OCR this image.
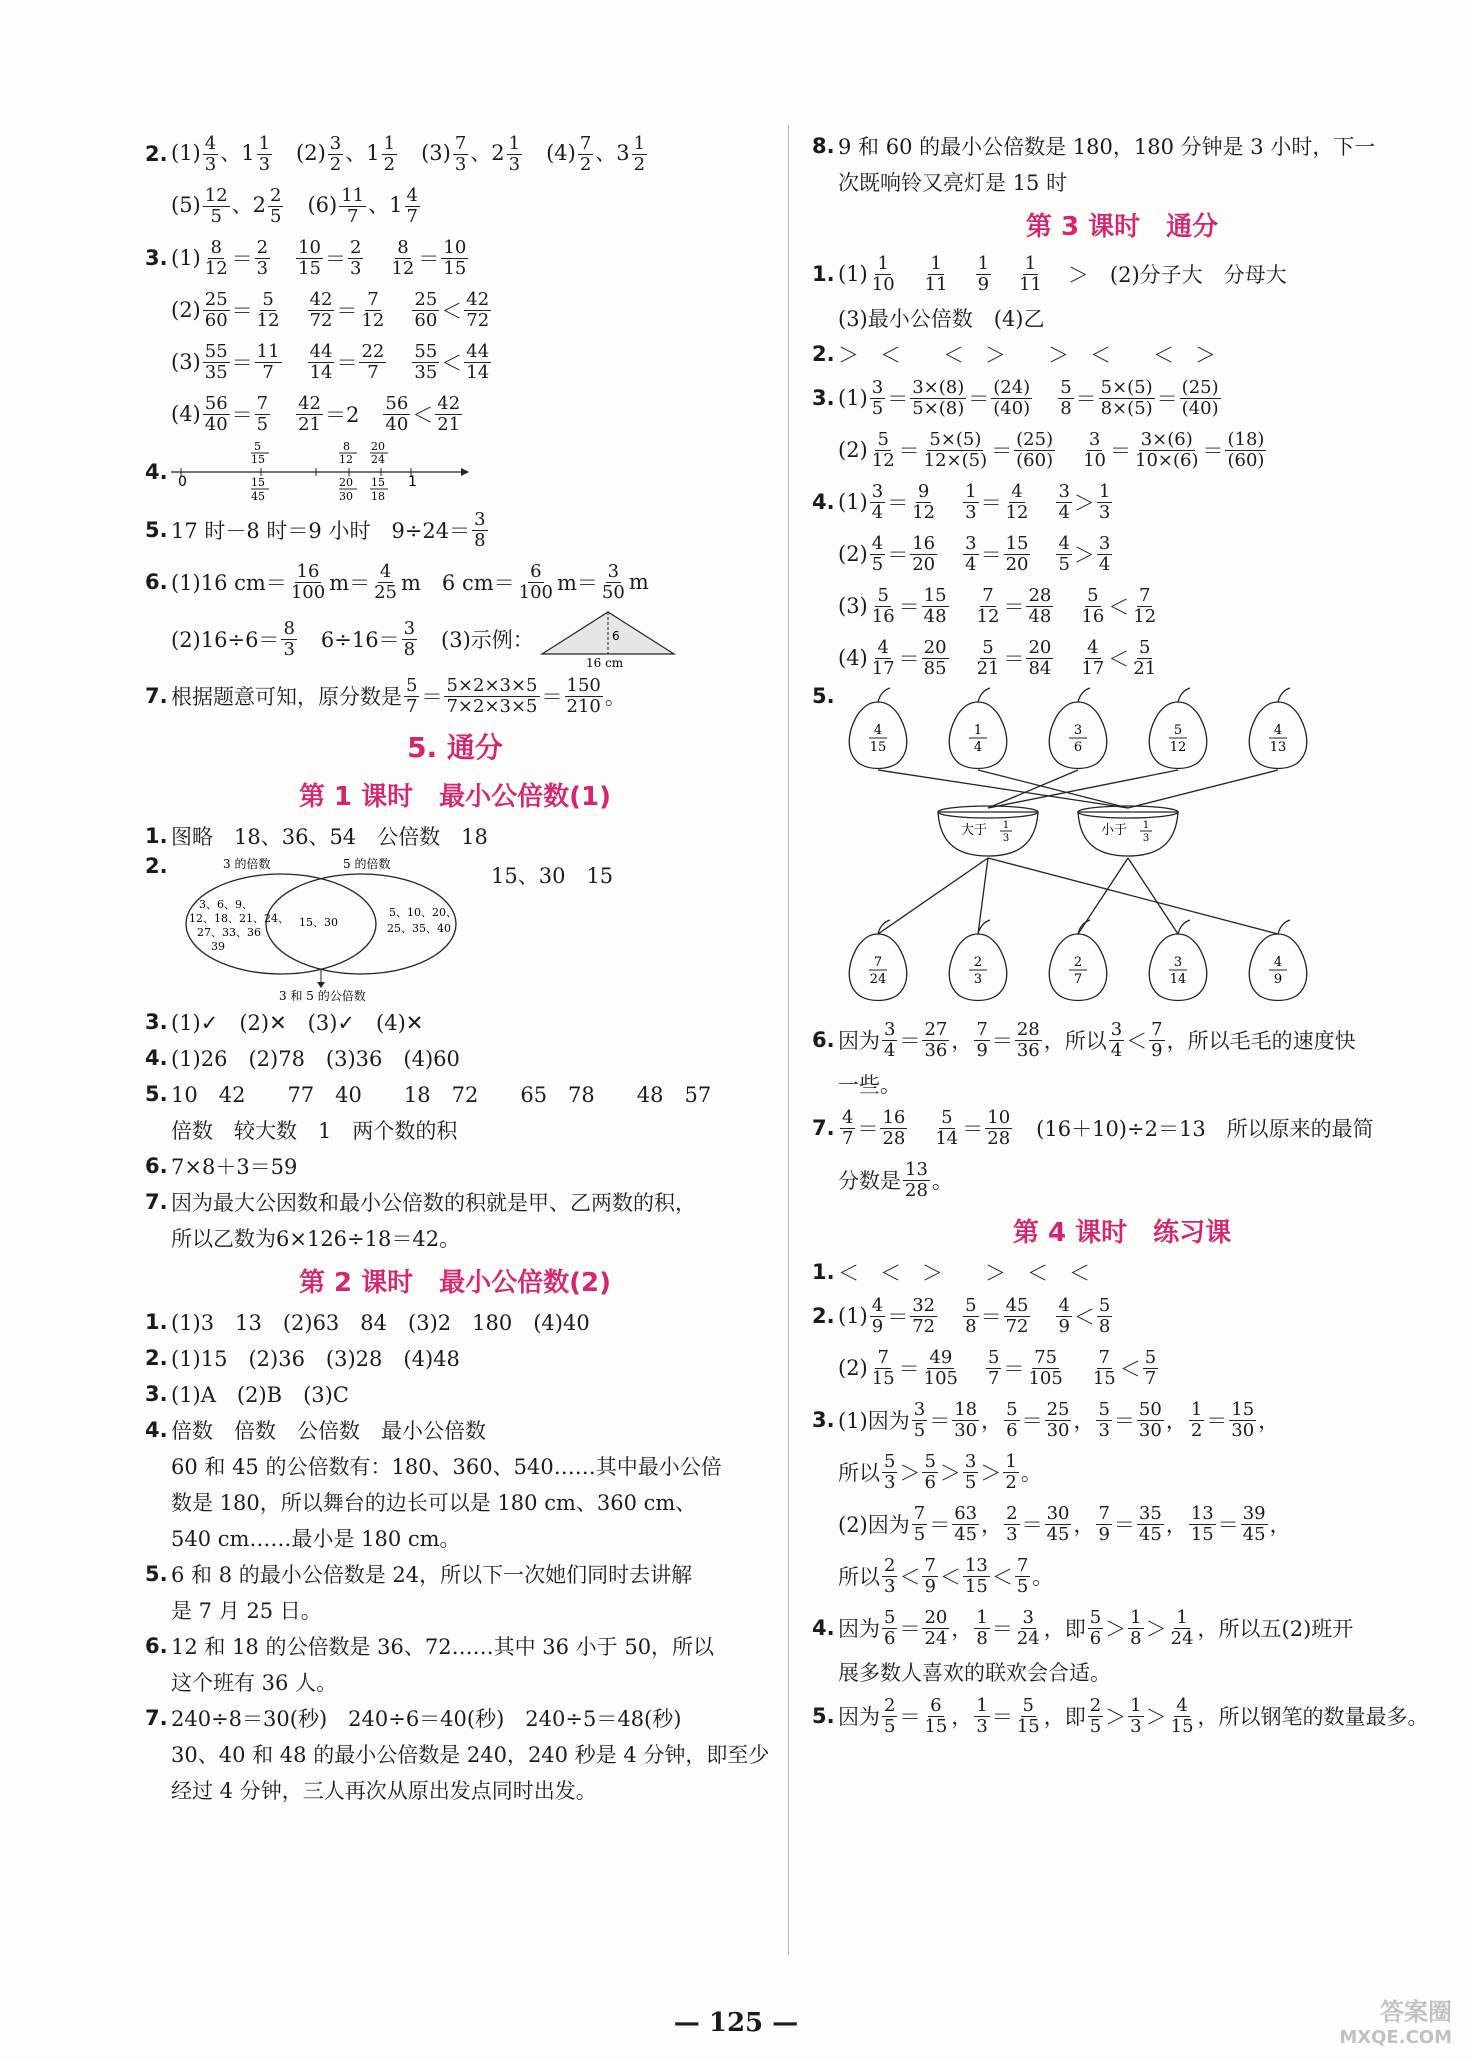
2. $(1) \frac{4}{3}$ 、$1 \frac{1}{3} (2) \frac{3}{2}$ 、$1 \frac{1}{2} (3) \frac{7}{3}$ 、$2 \frac{1}{3} (4) \frac{7}{2}$ 、$3 \frac{1}{2}$
$(5) \frac{12}{5}$ 、$2 \frac{2}{5} (6) \frac{11}{7}$ 、$1 \frac{4}{7}$
3. $(1) \frac{8}{12} = \frac{2}{3} \frac{10}{15} = \frac{2}{3} \frac{8}{12} = \frac{10}{15}$
$(2) \frac{25}{60} = \frac{5}{12} \frac{42}{72} = \frac{7}{12} \frac{25}{60} < \frac{42}{72}$
$(3) \frac{55}{35} = \frac{11}{7} \frac{44}{14} = \frac{22}{7} \frac{55}{35} < \frac{44}{14}$
$(4) \frac{56}{40} = \frac{7}{5} \frac{42}{21} =2 \frac{56}{40} < \frac{42}{21}$
4. 0	1
5
15
8
12
20
24
15
45
20
30
15
18
5. 17 时－8 时＝9 小时　$9\div 24= \frac{3}{8}$
6. (1)16 $cm= \frac{16}{100} m= \frac{4}{25}$ m　6 $cm= \frac{6}{100} m= \frac{3}{50}$ m
$(2)16\div 6= \frac{8}{3} 6\div 16= \frac{3}{8} (3)$示例：	6
16 cm
7. 根据题意可知，原分数是 $\frac{5}{7} = \frac{5\times 2\times 3\times 5}{7\times 2\times 3\times 5} = \frac{150}{210}$ 。
5. 通分
第 1 课时　最小公倍数(1)
1. 图略　18、36、54　公倍数　18
2.	3 的倍数	5 的倍数
3、6、9、
12、18、21、24、
27、33、36
39
15、30
5、10、20、
25、35、40
3 和 5 的公倍数
15、30　15
3. (1)✓　(2)✕　(3)✓　(4)✕
4. (1)26　(2)78　(3)36　(4)60
5. 10　42　　77　40　　18　72　　65　78　　48　57
倍数　较大数　1　两个数的积
6. 7×8＋3＝59
7. 因为最大公因数和最小公倍数的积就是甲、乙两数的积，
所以乙数为6×126÷18＝42。
第 2 课时　最小公倍数(2)
1. (1)3　13　(2)63　84　(3)2　180　(4)40
2. (1)15　(2)36　(3)28　(4)48
3. (1)A　(2)B　(3)C
4. 倍数　倍数　公倍数　最小公倍数
60 和 45 的公倍数有：180、360、540……其中最小公倍
数是 180，所以舞台的边长可以是 180 cm、360 cm、
540 cm……最小是 180 cm。
5. 6 和 8 的最小公倍数是 24，所以下一次她们同时去讲解
是 7 月 25 日。
6. 12 和 18 的公倍数是 36、72……其中 36 小于 50，所以
这个班有 36 人。
7. 240÷8＝30(秒)　240÷6＝40(秒)　240÷5＝48(秒)
30、40 和 48 的最小公倍数是 240，240 秒是 4 分钟，即至少
经过 4 分钟，三人再次从原出发点同时出发。
8. 9 和 60 的最小公倍数是 180，180 分钟是 3 小时，下一
次既响铃又亮灯是 15 时
第 3 课时　通分
1. $(1) \frac{1}{10} \frac{1}{11} \frac{1}{9} \frac{1}{11}$ ＞　(2)分子大　分母大
(3)最小公倍数　(4)乙
2. ＞　＜　　＜　＞　　＞　＜　　＜　＞
3. $(1) \frac{3}{5} = \frac{3\times(8)}{5\times(8)} = \frac{(24)}{(40)} \frac{5}{8} = \frac{5\times(5)}{8\times(5)} = \frac{(25)}{(40)}$
$(2) \frac{5}{12} = \frac{5\times(5)}{12\times(5)} = \frac{(25)}{(60)} \frac{3}{10} = \frac{3\times(6)}{10\times(6)} = \frac{(18)}{(60)}$
4. $(1) \frac{3}{4} = \frac{9}{12} \frac{1}{3} = \frac{4}{12} \frac{3}{4} > \frac{1}{3}$
$(2) \frac{4}{5} = \frac{16}{20} \frac{3}{4} = \frac{15}{20} \frac{4}{5} > \frac{3}{4}$
$(3) \frac{5}{16} = \frac{15}{48} \frac{7}{12} = \frac{28}{48} \frac{5}{16} < \frac{7}{12}$
$(4) \frac{4}{17} = \frac{20}{85} \frac{5}{21} = \frac{20}{84} \frac{4}{17} < \frac{5}{21}$
5.
4
15
1
4
3
6
5
12
4
13
7
24
2
3
2
7
3
14
4
9
大于 1
3
小于 1
3
6. 因为 $\frac{3}{4} = \frac{27}{36}$ ， $\frac{7}{9} = \frac{28}{36}$ ，所以 $\frac{3}{4} < \frac{7}{9}$ ，所以毛毛的速度快
一些。
7. $\frac{4}{7} = \frac{16}{28} \frac{5}{14} = \frac{10}{28} (16+10)\div 2=13$　所以原来的最简
分数是 $\frac{13}{28}$ 。
第 4 课时　练习课
1. ＜　＜　＞　　＞　＜　＜
2. $(1) \frac{4}{9} = \frac{32}{72} \frac{5}{8} = \frac{45}{72} \frac{4}{9} < \frac{5}{8}$
$(2) \frac{7}{15} = \frac{49}{105} \frac{5}{7} = \frac{75}{105} \frac{7}{15} < \frac{5}{7}$
3. (1)因为 $\frac{3}{5} = \frac{18}{30}$ ， $\frac{5}{6} = \frac{25}{30}$ ， $\frac{5}{3} = \frac{50}{30}$ ， $\frac{1}{2} = \frac{15}{30}$ ，
所以 $\frac{5}{3} > \frac{5}{6} > \frac{3}{5} > \frac{1}{2}$ 。
(2)因为 $\frac{7}{5} = \frac{63}{45}$ ， $\frac{2}{3} = \frac{30}{45}$ ， $\frac{7}{9} = \frac{35}{45}$ ， $\frac{13}{15} = \frac{39}{45}$ ，
所以 $\frac{2}{3} < \frac{7}{9} < \frac{13}{15} < \frac{7}{5}$ 。
4. 因为 $\frac{5}{6} = \frac{20}{24}$ ， $\frac{1}{8} = \frac{3}{24}$ ，即 $\frac{5}{6} > \frac{1}{8} > \frac{1}{24}$ ，所以五(2)班开
展多数人喜欢的联欢会合适。
5. 因为 $\frac{2}{5} = \frac{6}{15}$ ， $\frac{1}{3} = \frac{5}{15}$ ，即 $\frac{2}{5} > \frac{1}{3} > \frac{4}{15}$ ，所以钢笔的数量最多。
— 125 —	答案圈
MXQE.COM
